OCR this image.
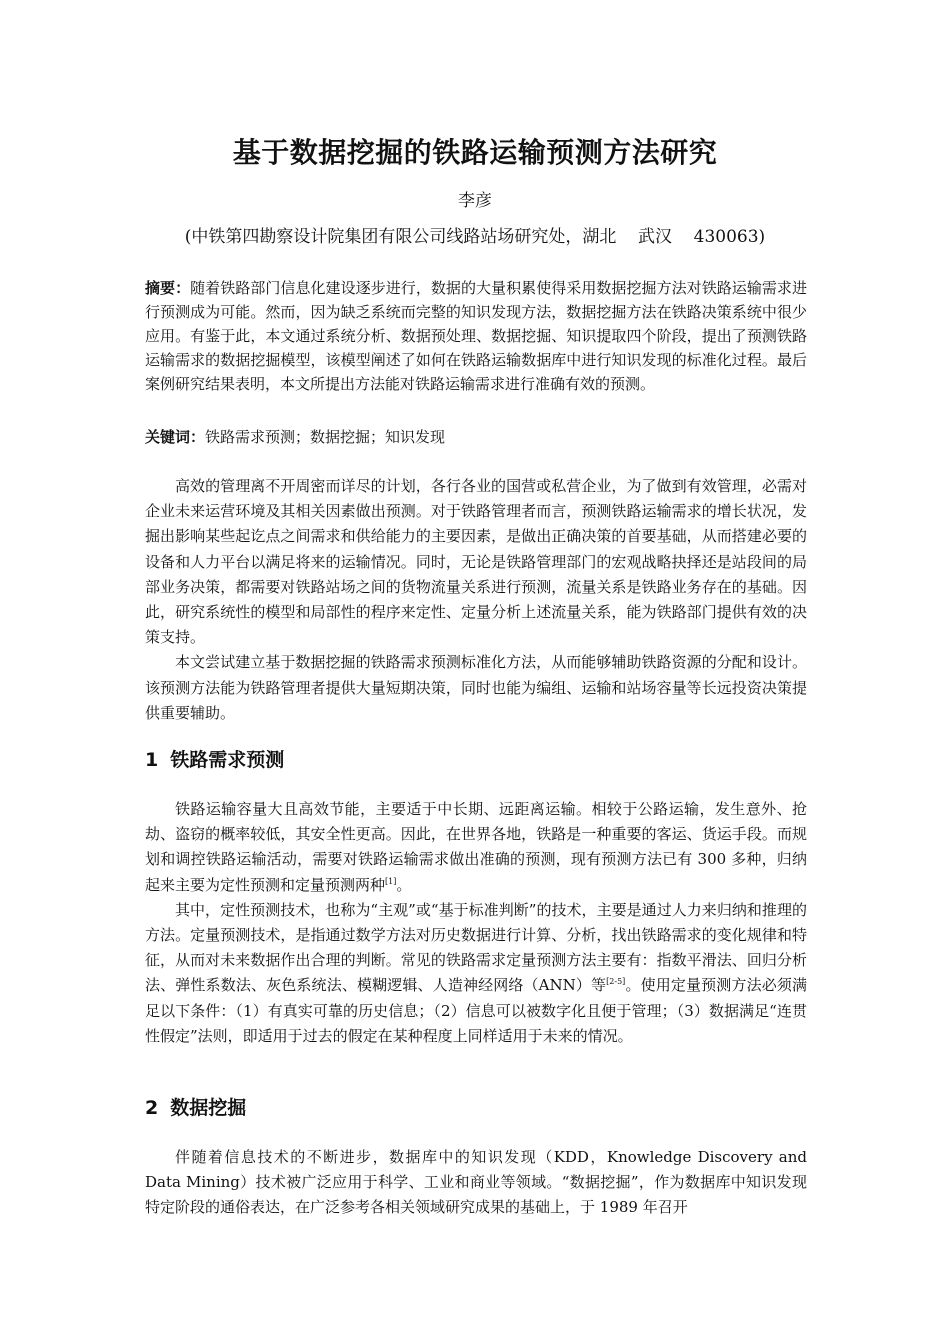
基于数据挖掘的铁路运输预测方法研究
李彦
(中铁第四勘察设计院集团有限公司线路站场研究处，湖北    武汉    430063)
摘要：随着铁路部门信息化建设逐步进行，数据的大量积累使得采用数据挖掘方法对铁路运输需求进行预测成为可能。然而，因为缺乏系统而完整的知识发现方法，数据挖掘方法在铁路决策系统中很少应用。有鉴于此，本文通过系统分析、数据预处理、数据挖掘、知识提取四个阶段，提出了预测铁路运输需求的数据挖掘模型，该模型阐述了如何在铁路运输数据库中进行知识发现的标准化过程。最后案例研究结果表明，本文所提出方法能对铁路运输需求进行准确有效的预测。
关键词：铁路需求预测；数据挖掘；知识发现

高效的管理离不开周密而详尽的计划，各行各业的国营或私营企业，为了做到有效管理，必需对企业未来运营环境及其相关因素做出预测。对于铁路管理者而言，预测铁路运输需求的增长状况，发掘出影响某些起讫点之间需求和供给能力的主要因素，是做出正确决策的首要基础，从而搭建必要的设备和人力平台以满足将来的运输情况。同时，无论是铁路管理部门的宏观战略抉择还是站段间的局部业务决策，都需要对铁路站场之间的货物流量关系进行预测，流量关系是铁路业务存在的基础。因此，研究系统性的模型和局部性的程序来定性、定量分析上述流量关系，能为铁路部门提供有效的决策支持。

本文尝试建立基于数据挖掘的铁路需求预测标准化方法，从而能够辅助铁路资源的分配和设计。该预测方法能为铁路管理者提供大量短期决策，同时也能为编组、运输和站场容量等长远投资决策提供重要辅助。

1 铁路需求预测

铁路运输容量大且高效节能，主要适于中长期、远距离运输。相较于公路运输，发生意外、抢劫、盗窃的概率较低，其安全性更高。因此，在世界各地，铁路是一种重要的客运、货运手段。而规划和调控铁路运输活动，需要对铁路运输需求做出准确的预测，现有预测方法已有 300 多种，归纳起来主要为定性预测和定量预测两种[1]。

其中，定性预测技术，也称为“主观”或“基于标准判断”的技术，主要是通过人力来归纳和推理的方法。定量预测技术，是指通过数学方法对历史数据进行计算、分析，找出铁路需求的变化规律和特征，从而对未来数据作出合理的判断。常见的铁路需求定量预测方法主要有：指数平滑法、回归分析法、弹性系数法、灰色系统法、模糊逻辑、人造神经网络（ANN）等[2-5]。使用定量预测方法必须满足以下条件：（1）有真实可靠的历史信息；（2）信息可以被数字化且便于管理；（3）数据满足“连贯性假定”法则，即适用于过去的假定在某种程度上同样适用于未来的情况。

2 数据挖掘

伴随着信息技术的不断进步，数据库中的知识发现（KDD，Knowledge Discovery and Data Mining）技术被广泛应用于科学、工业和商业等领域。“数据挖掘”，作为数据库中知识发现特定阶段的通俗表达，在广泛参考各相关领域研究成果的基础上，于 1989 年召开
